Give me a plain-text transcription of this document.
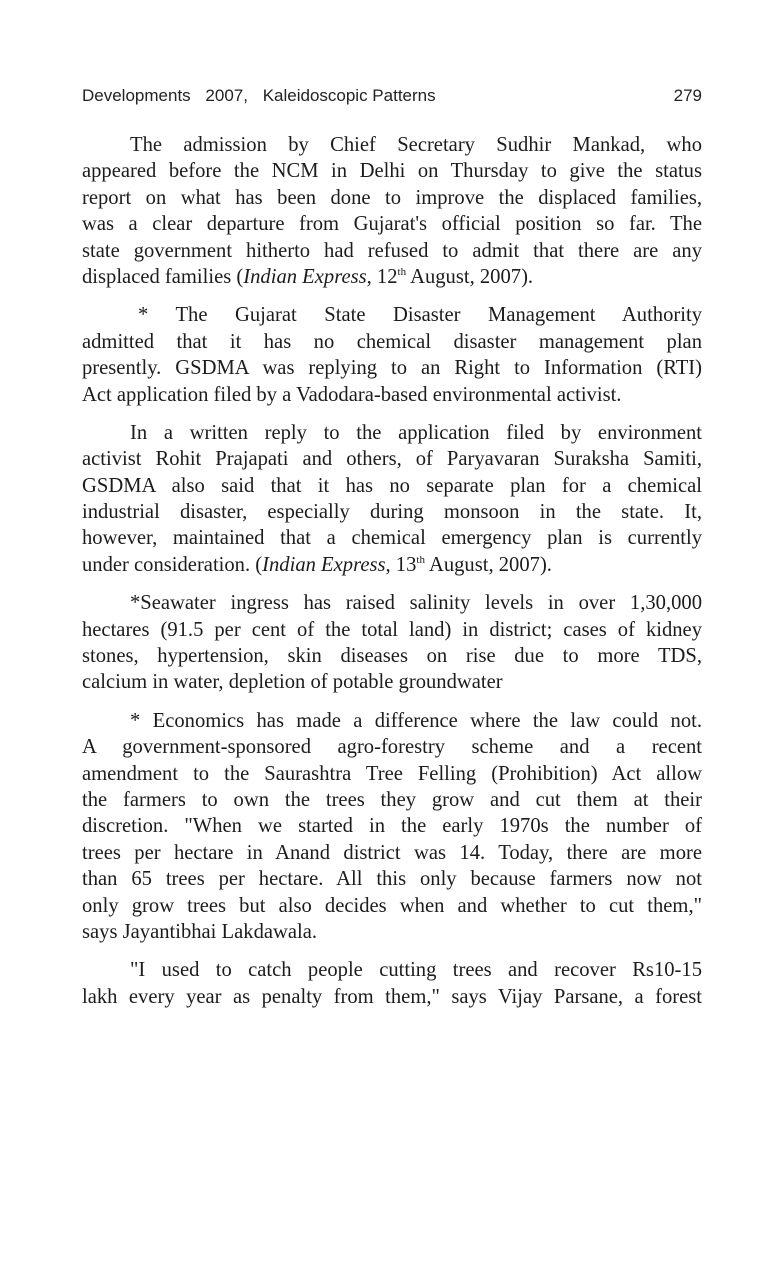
Developments 2007, Kaleidoscopic Patterns	279
The admission by Chief Secretary Sudhir Mankad, who
appeared before the NCM in Delhi on Thursday to give the status
report on what has been done to improve the displaced families,
was a clear departure from Gujarat's official position so far. The
state government hitherto had refused to admit that there are any
displaced families (Indian Express, 12th August, 2007).
* The Gujarat State Disaster Management Authority
admitted that it has no chemical disaster management plan
presently. GSDMA was replying to an Right to Information (RTI)
Act application filed by a Vadodara-based environmental activist.
In a written reply to the application filed by environment
activist Rohit Prajapati and others, of Paryavaran Suraksha Samiti,
GSDMA also said that it has no separate plan for a chemical
industrial disaster, especially during monsoon in the state. It,
however, maintained that a chemical emergency plan is currently
under consideration. (Indian Express, 13th August, 2007).
*Seawater ingress has raised salinity levels in over 1,30,000
hectares (91.5 per cent of the total land) in district; cases of kidney
stones, hypertension, skin diseases on rise due to more TDS,
calcium in water, depletion of potable groundwater
* Economics has made a difference where the law could not.
A government-sponsored agro-forestry scheme and a recent
amendment to the Saurashtra Tree Felling (Prohibition) Act allow
the farmers to own the trees they grow and cut them at their
discretion. "When we started in the early 1970s the number of
trees per hectare in Anand district was 14. Today, there are more
than 65 trees per hectare. All this only because farmers now not
only grow trees but also decides when and whether to cut them,"
says Jayantibhai Lakdawala.
"I used to catch people cutting trees and recover Rs10-15
lakh every year as penalty from them," says Vijay Parsane, a forest
